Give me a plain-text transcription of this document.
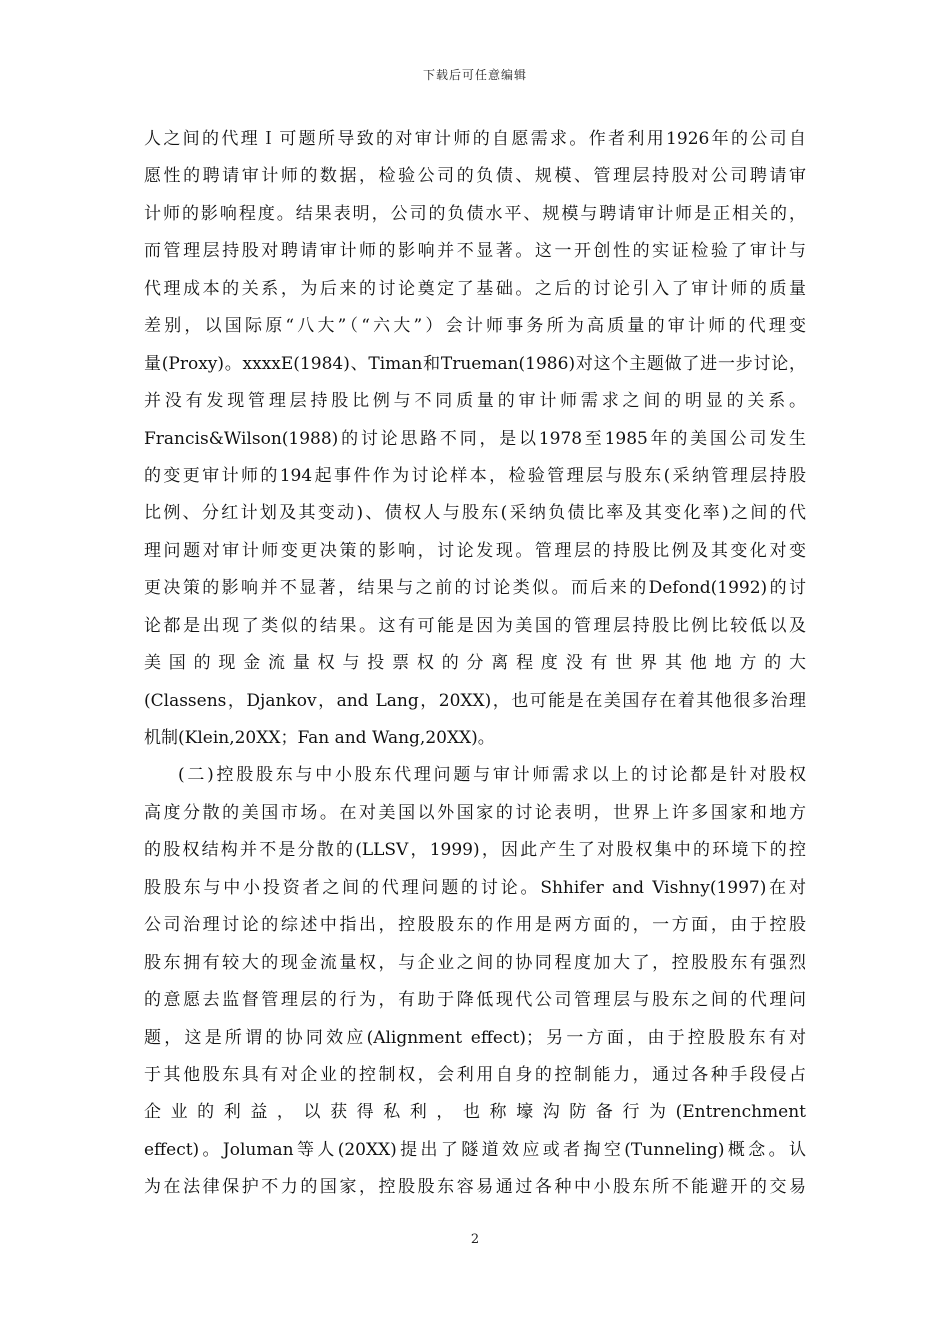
下载后可任意编辑
人之间的代理Ｉ可题所导致的对审计师的自愿需求。作者利用1926年的公司自
愿性的聘请审计师的数据，检验公司的负债、规模、管理层持股对公司聘请审
计师的影响程度。结果表明，公司的负债水平、规模与聘请审计师是正相关的，
而管理层持股对聘请审计师的影响并不显著。这一开创性的实证检验了审计与
代理成本的关系，为后来的讨论奠定了基础。之后的讨论引入了审计师的质量
差别，以国际原“八大”（“六大”）会计师事务所为高质量的审计师的代理变
量(Proxy)。xxxxE(1984)、Timan和Trueman(1986)对这个主题做了进一步讨论，
并没有发现管理层持股比例与不同质量的审计师需求之间的明显的关系。
Francis&Wilson(1988)的讨论思路不同，是以1978至1985年的美国公司发生
的变更审计师的194起事件作为讨论样本，检验管理层与股东(采纳管理层持股
比例、分红计划及其变动)、债权人与股东(采纳负债比率及其变化率)之间的代
理问题对审计师变更决策的影响，讨论发现。管理层的持股比例及其变化对变
更决策的影响并不显著，结果与之前的讨论类似。而后来的Defond(1992)的讨
论都是出现了类似的结果。这有可能是因为美国的管理层持股比例比较低以及
美国的现金流量权与投票权的分离程度没有世界其他地方的大
(Classens，Djankov，and Lang，20XX)，也可能是在美国存在着其他很多治理
机制(Klein,20XX；Fan and Wang,20XX)。
(二)控股股东与中小股东代理问题与审计师需求以上的讨论都是针对股权
高度分散的美国市场。在对美国以外国家的讨论表明，世界上许多国家和地方
的股权结构并不是分散的(LLSV，1999)，因此产生了对股权集中的环境下的控
股股东与中小投资者之间的代理问题的讨论。Shhifer and Vishny(1997)在对
公司治理讨论的综述中指出，控股股东的作用是两方面的，一方面，由于控股
股东拥有较大的现金流量权，与企业之间的协同程度加大了，控股股东有强烈
的意愿去监督管理层的行为，有助于降低现代公司管理层与股东之间的代理问
题，这是所谓的协同效应(Alignment effect)；另一方面，由于控股股东有对
于其他股东具有对企业的控制权，会利用自身的控制能力，通过各种手段侵占
企业的利益，以获得私利，也称壕沟防备行为(Entrenchment
effect)。Joluman等人(20XX)提出了隧道效应或者掏空(Tunneling)概念。认
为在法律保护不力的国家，控股股东容易通过各种中小股东所不能避开的交易
2
